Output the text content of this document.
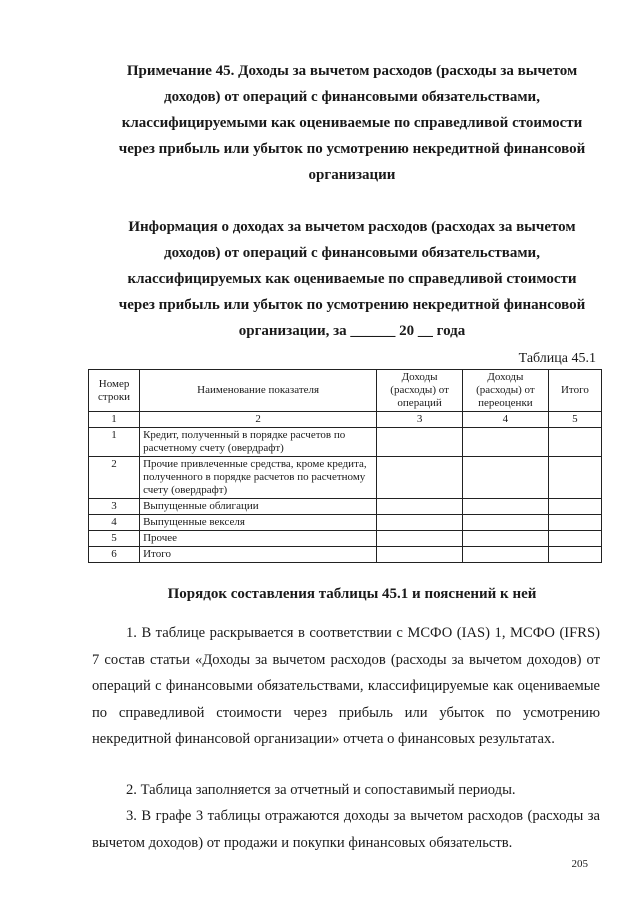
Примечание 45. Доходы за вычетом расходов (расходы за вычетом
доходов) от операций с финансовыми обязательствами,
классифицируемыми как оцениваемые по справедливой стоимости
через прибыль или убыток по усмотрению некредитной финансовой
организации
Информация о доходах за вычетом расходов (расходах за вычетом
доходов) от операций с финансовыми обязательствами,
классифицируемых как оцениваемые по справедливой стоимости
через прибыль или убыток по усмотрению некредитной финансовой
организации, за ______ 20 __ года
Таблица 45.1
Номер строки	Наименование показателя	Доходы (расходы) от операций	Доходы (расходы) от переоценки	Итого
1	2	3	4	5
1	Кредит, полученный в порядке расчетов по расчетному счету (овердрафт)			
2	Прочие привлеченные средства, кроме кредита, полученного в порядке расчетов по расчетному счету (овердрафт)			
3	Выпущенные облигации			
4	Выпущенные векселя			
5	Прочее			
6	Итого			
Порядок составления таблицы 45.1 и пояснений к ней

1. В таблице раскрывается в соответствии с МСФО (IAS) 1, МСФО (IFRS) 7 состав статьи «Доходы за вычетом расходов (расходы за вычетом доходов) от операций с финансовыми обязательствами, классифицируемые как оцениваемые по справедливой стоимости через прибыль или убыток по усмотрению некредитной финансовой организации» отчета о финансовых результатах.

2. Таблица заполняется за отчетный и сопоставимый периоды.

3. В графе 3 таблицы отражаются доходы за вычетом расходов (расходы за вычетом доходов) от продажи и покупки финансовых обязательств.

205
